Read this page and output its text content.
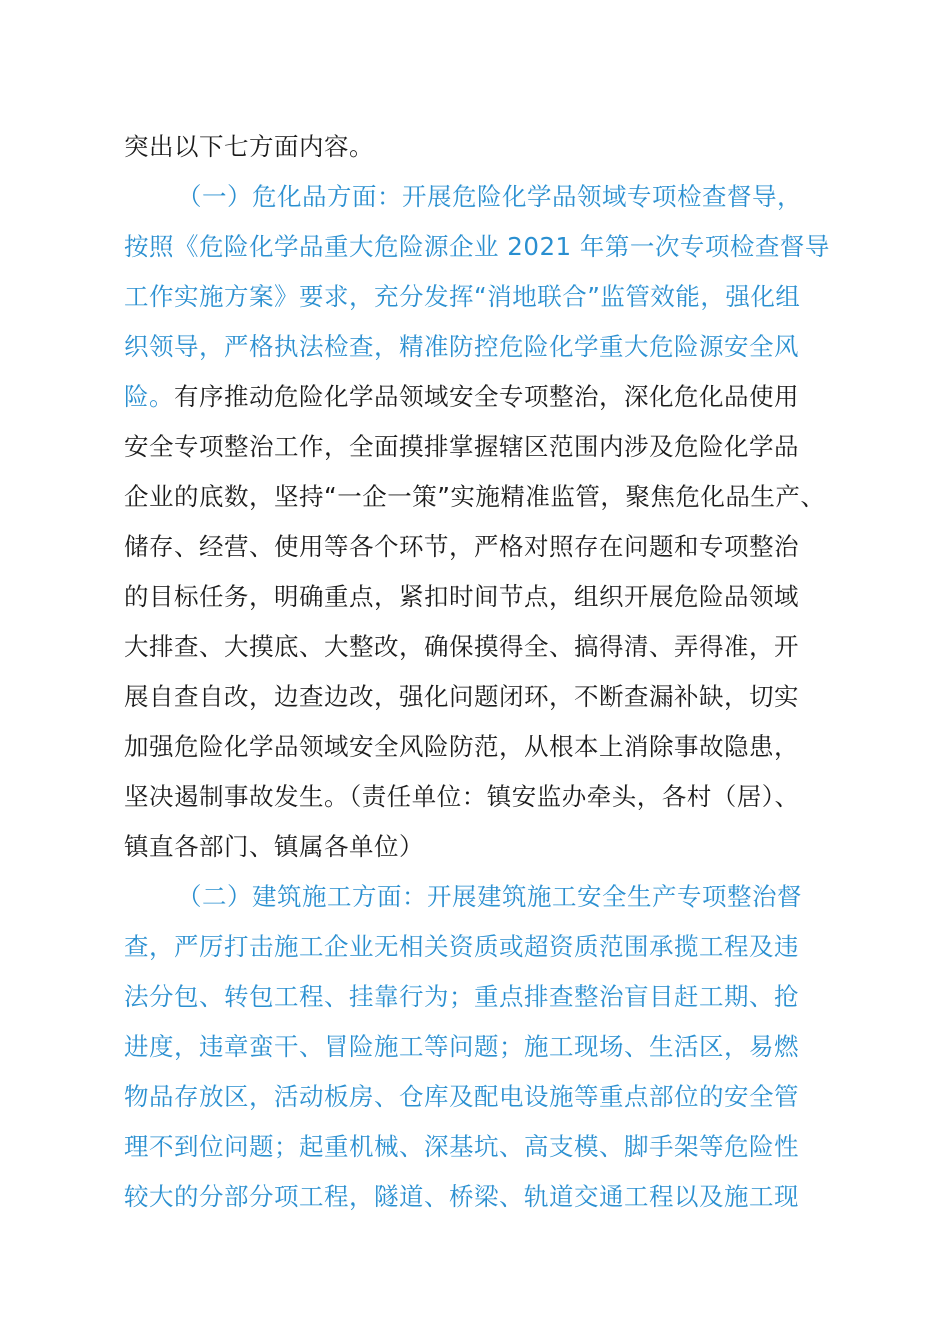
突出以下七方面内容。
（一）危化品方面：开展危险化学品领域专项检查督导，
按照《危险化学品重大危险源企业 2021 年第一次专项检查督导
工作实施方案》要求，充分发挥“消地联合”监管效能，强化组
织领导，严格执法检查，精准防控危险化学重大危险源安全风
险。有序推动危险化学品领域安全专项整治，深化危化品使用
安全专项整治工作，全面摸排掌握辖区范围内涉及危险化学品
企业的底数，坚持“一企一策”实施精准监管，聚焦危化品生产、
储存、经营、使用等各个环节，严格对照存在问题和专项整治
的目标任务，明确重点，紧扣时间节点，组织开展危险品领域
大排查、大摸底、大整改，确保摸得全、搞得清、弄得准，开
展自查自改，边查边改，强化问题闭环，不断查漏补缺，切实
加强危险化学品领域安全风险防范，从根本上消除事故隐患，
坚决遏制事故发生。（责任单位：镇安监办牵头，各村（居）、
镇直各部门、镇属各单位）
（二）建筑施工方面：开展建筑施工安全生产专项整治督
查，严厉打击施工企业无相关资质或超资质范围承揽工程及违
法分包、转包工程、挂靠行为；重点排查整治盲目赶工期、抢
进度，违章蛮干、冒险施工等问题；施工现场、生活区，易燃
物品存放区，活动板房、仓库及配电设施等重点部位的安全管
理不到位问题；起重机械、深基坑、高支模、脚手架等危险性
较大的分部分项工程，隧道、桥梁、轨道交通工程以及施工现
